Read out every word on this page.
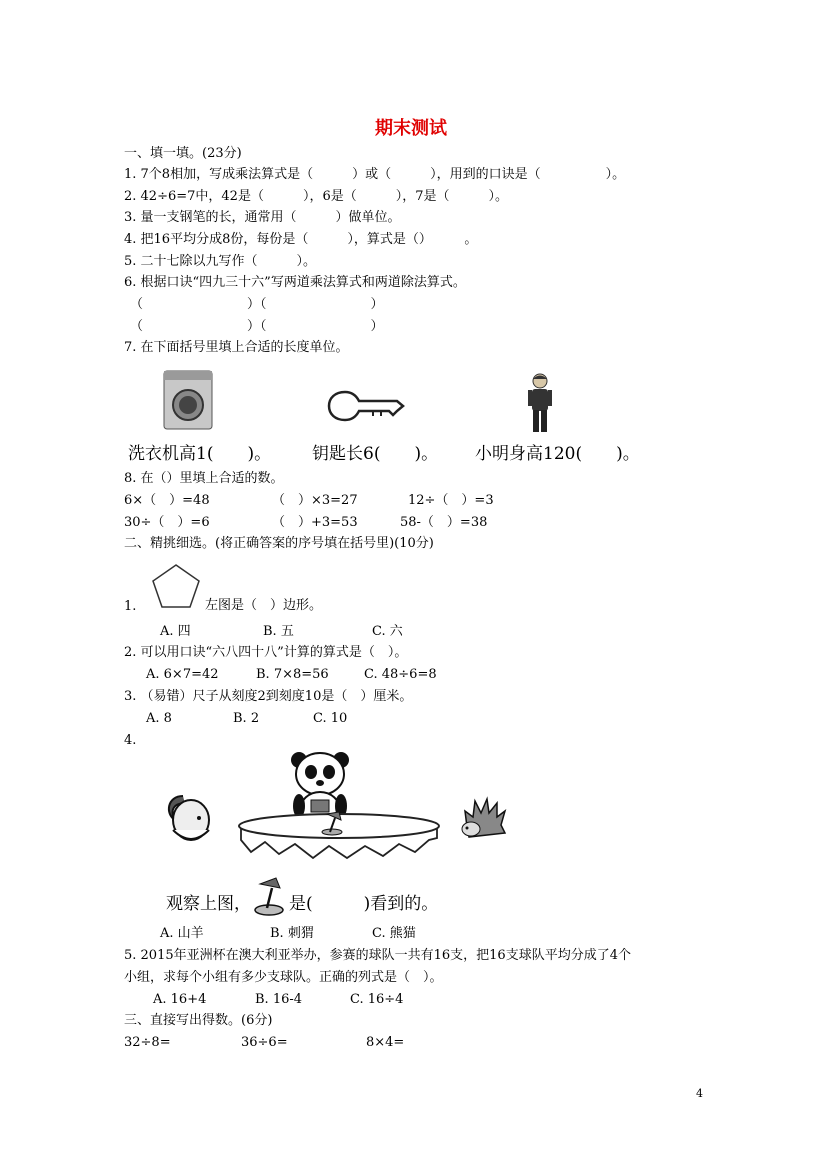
期末测试
一、填一填。(23分)
1. 7个8相加，写成乘法算式是（　　　）或（　　　），用到的口诀是（　　　　　）。
2. 42÷6=7中，42是（　　　），6是（　　　），7是（　　　）。
3. 量一支钢笔的长，通常用（　　　）做单位。
4. 把16平均分成8份，每份是（　　　），算式是（）　　　。
5. 二十七除以九写作（　　　）。
6. 根据口诀“四九三十六”写两道乘法算式和两道除法算式。
（　　　　　　　　）（　　　　　　　　）
（　　　　　　　　）（　　　　　　　　）
7. 在下面括号里填上合适的长度单位。
洗衣机高1(　　)。 钥匙长6(　　)。 小明身高120(　　)。
8. 在（）里填上合适的数。
6×（　）=48	（　）×3=27	12÷（　）=3
30÷（　）=6	（　）+3=53	58-（　）=38
二、精挑细选。(将正确答案的序号填在括号里)(10分)
1.	左图是（　）边形。
A. 四	B. 五	C. 六
2. 可以用口诀“六八四十八”计算的算式是（　）。
A. 6×7=42	B. 7×8=56	C. 48÷6=8
3. （易错）尺子从刻度2到刻度10是（　）厘米。
A. 8	B. 2	C. 10
4.
观察上图， 是(　　　)看到的。
A. 山羊	B. 刺猬	C. 熊猫
5. 2015年亚洲杯在澳大利亚举办，参赛的球队一共有16支，把16支球队平均分成了4个
小组，求每个小组有多少支球队。正确的列式是（　）。
A. 16+4	B. 16-4	C. 16÷4
三、直接写出得数。(6分)
32÷8=	36÷6=	8×4=
4
